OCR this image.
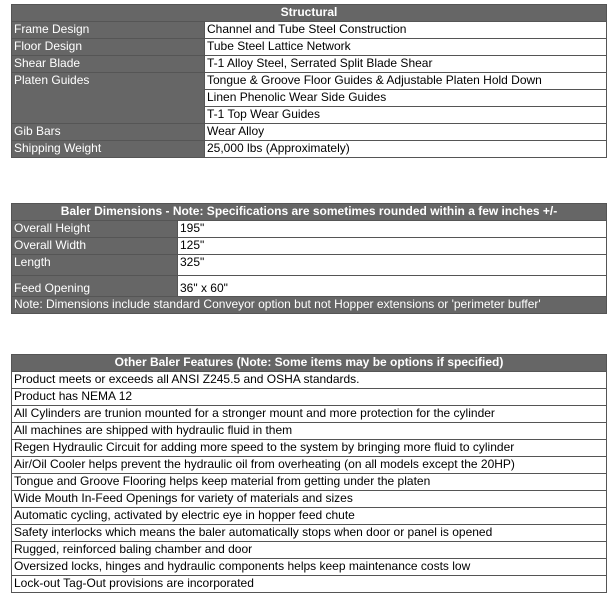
Structural	
Frame Design	Channel and Tube Steel Construction
Floor Design	Tube Steel Lattice Network
Shear Blade	T-1 Alloy Steel, Serrated Split Blade Shear
Platen Guides	Tongue & Groove Floor Guides & Adjustable Platen Hold Down
	Linen Phenolic Wear Side Guides
	T-1 Top Wear Guides
Gib Bars	Wear Alloy
Shipping Weight	25,000 lbs (Approximately)
Baler Dimensions - Note: Specifications are sometimes rounded within a few inches +/-	
Overall Height	195"
Overall Width	125"
Length	325"
Feed Opening	36" x 60"
Note: Dimensions include standard Conveyor option but not Hopper extensions or 'perimeter buffer'	
Other Baler Features (Note: Some items may be options if specified)
Product meets or exceeds all ANSI Z245.5 and OSHA standards.
Product has NEMA 12
All Cylinders are trunion mounted for a stronger mount and more protection for the cylinder
All machines are shipped with hydraulic fluid in them
Regen Hydraulic Circuit for adding more speed to the system by bringing more fluid to cylinder
Air/Oil Cooler helps prevent the hydraulic oil from overheating (on all models except the 20HP)
Tongue and Groove Flooring helps keep material from getting under the platen
Wide Mouth In-Feed Openings for variety of materials and sizes
Automatic cycling, activated by electric eye in hopper feed chute
Safety interlocks which means the baler automatically stops when door or panel is opened
Rugged, reinforced baling chamber and door
Oversized locks, hinges and hydraulic components helps keep maintenance costs low
Lock-out Tag-Out provisions are incorporated
